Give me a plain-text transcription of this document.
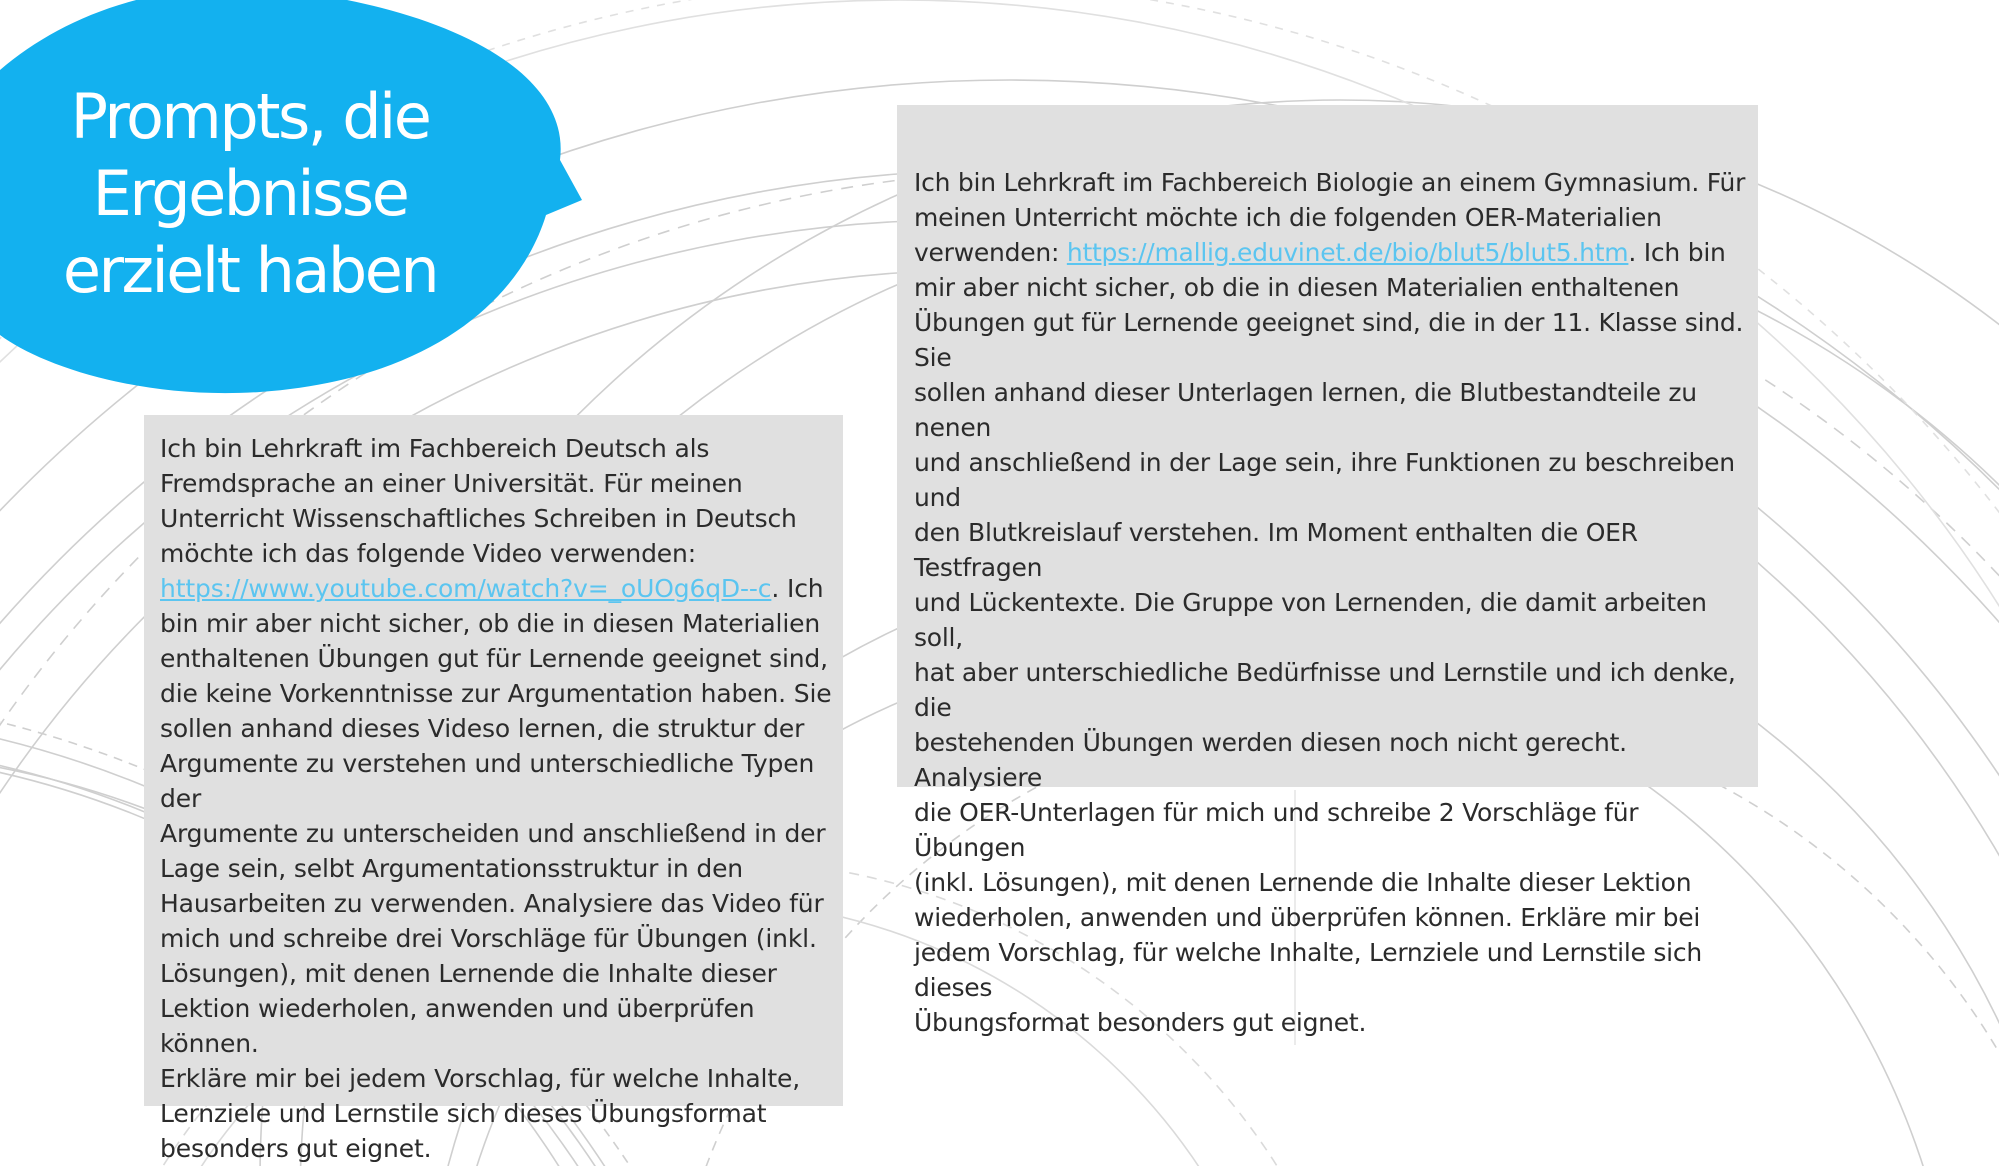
Prompts, die Ergebnisse erzielt haben

Ich bin Lehrkraft im Fachbereich Deutsch als
Fremdsprache an einer Universität. Für meinen
Unterricht Wissenschaftliches Schreiben in Deutsch
möchte ich das folgende Video verwenden:
https://www.youtube.com/watch?v=_oUOg6qD--c. Ich
bin mir aber nicht sicher, ob die in diesen Materialien
enthaltenen Übungen gut für Lernende geeignet sind,
die keine Vorkenntnisse zur Argumentation haben. Sie
sollen anhand dieses Videso lernen, die struktur der
Argumente zu verstehen und unterschiedliche Typen der
Argumente zu unterscheiden und anschließend in der
Lage sein, selbt Argumentationsstruktur in den
Hausarbeiten zu verwenden. Analysiere das Video für
mich und schreibe drei Vorschläge für Übungen (inkl.
Lösungen), mit denen Lernende die Inhalte dieser
Lektion wiederholen, anwenden und überprüfen können.
Erkläre mir bei jedem Vorschlag, für welche Inhalte,
Lernziele und Lernstile sich dieses Übungsformat
besonders gut eignet.

Ich bin Lehrkraft im Fachbereich Biologie an einem Gymnasium. Für
meinen Unterricht möchte ich die folgenden OER-Materialien
verwenden: https://mallig.eduvinet.de/bio/blut5/blut5.htm. Ich bin
mir aber nicht sicher, ob die in diesen Materialien enthaltenen
Übungen gut für Lernende geeignet sind, die in der 11. Klasse sind. Sie
sollen anhand dieser Unterlagen lernen, die Blutbestandteile zu nenen
und anschließend in der Lage sein, ihre Funktionen zu beschreiben und
den Blutkreislauf verstehen. Im Moment enthalten die OER Testfragen
und Lückentexte. Die Gruppe von Lernenden, die damit arbeiten soll,
hat aber unterschiedliche Bedürfnisse und Lernstile und ich denke, die
bestehenden Übungen werden diesen noch nicht gerecht. Analysiere
die OER-Unterlagen für mich und schreibe 2 Vorschläge für Übungen
(inkl. Lösungen), mit denen Lernende die Inhalte dieser Lektion
wiederholen, anwenden und überprüfen können. Erkläre mir bei
jedem Vorschlag, für welche Inhalte, Lernziele und Lernstile sich dieses
Übungsformat besonders gut eignet.
